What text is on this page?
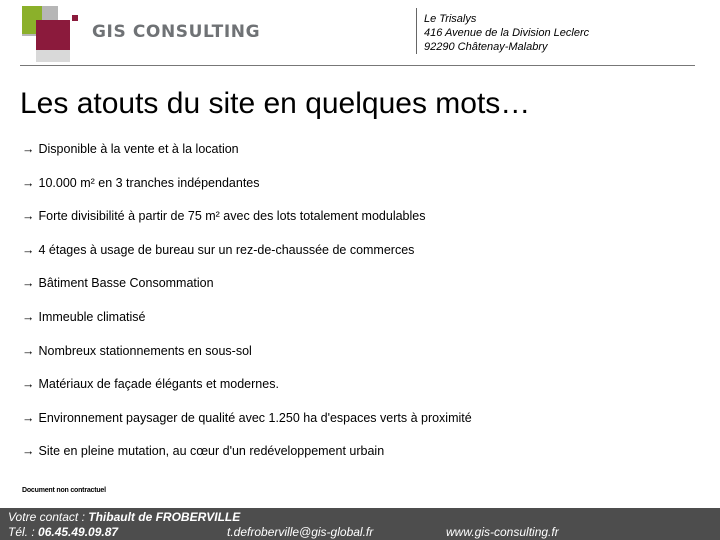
GIS CONSULTING
Le Trisalys
416 Avenue de la Division Leclerc
92290 Châtenay-Malabry
Les atouts du site en quelques mots…
→ Disponible à la vente et à la location
→ 10.000 m² en 3 tranches indépendantes
→ Forte divisibilité à partir de 75 m² avec des lots totalement modulables
→ 4 étages à usage de bureau sur un rez-de-chaussée de commerces
→ Bâtiment Basse Consommation
→ Immeuble climatisé
→ Nombreux stationnements en sous-sol
→ Matériaux de façade élégants et modernes.
→ Environnement paysager de qualité avec 1.250 ha d'espaces verts à proximité
→ Site en pleine mutation, au cœur d'un redéveloppement urbain
Document non contractuel
Votre contact : Thibault de FROBERVILLE
Tél. : 06.45.49.09.87	t.defroberville@gis-global.fr	www.gis-consulting.fr
